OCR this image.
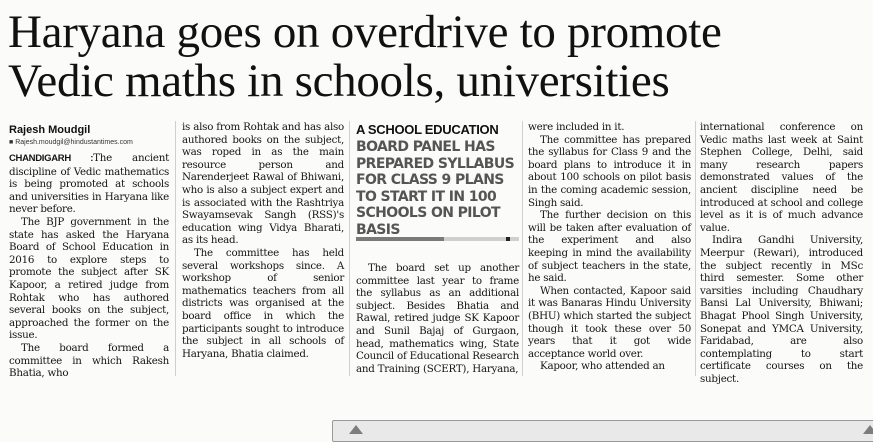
Haryana goes on overdrive to promote
Vedic maths in schools, universities
Rajesh Moudgil
■ Rajesh.moudgil@hindustantimes.com

CHANDIGARH :The ancient discipline of Vedic mathematics is being promoted at schools and universities in Haryana like never before.

The BJP government in the state has asked the Haryana Board of School Education in 2016 to explore steps to promote the subject after SK Kapoor, a retired judge from Rohtak who has authored several books on the subject, approached the former on the issue.

The board formed a committee in which Rakesh Bhatia, who

is also from Rohtak and has also authored books on the subject, was roped in as the main resource person and Narenderjeet Rawal of Bhiwani, who is also a subject expert and is associated with the Rashtriya Swayamsevak Sangh (RSS)'s education wing Vidya Bharati, as its head.

The committee has held several workshops since. A workshop of senior mathematics teachers from all districts was organised at the board office in which the participants sought to introduce the subject in all schools of Haryana, Bhatia claimed.

A SCHOOL EDUCATION
BOARD PANEL HAS PREPARED SYLLABUS FOR CLASS 9 PLANS TO START IT IN 100 SCHOOLS ON PILOT BASIS

The board set up another committee last year to frame the syllabus as an additional subject. Besides Bhatia and Rawal, retired judge SK Kapoor and Sunil Bajaj of Gurgaon, head, mathematics wing, State Council of Educational Research and Training (SCERT), Haryana,

were included in it.

The committee has prepared the syllabus for Class 9 and the board plans to introduce it in about 100 schools on pilot basis in the coming academic session, Singh said.

The further decision on this will be taken after evaluation of the experiment and also keeping in mind the availability of subject teachers in the state, he said.

When contacted, Kapoor said it was Banaras Hindu University (BHU) which started the subject though it took these over 50 years that it got wide acceptance world over.

Kapoor, who attended an

international conference on Vedic maths last week at Saint Stephen College, Delhi, said many research papers demonstrated values of the ancient discipline need be introduced at school and college level as it is of much advance value.

Indira Gandhi University, Meerpur (Rewari), introduced the subject recently in MSc third semester. Some other varsities including Chaudhary Bansi Lal University, Bhiwani; Bhagat Phool Singh University, Sonepat and YMCA University, Faridabad, are also contemplating to start certificate courses on the subject.
